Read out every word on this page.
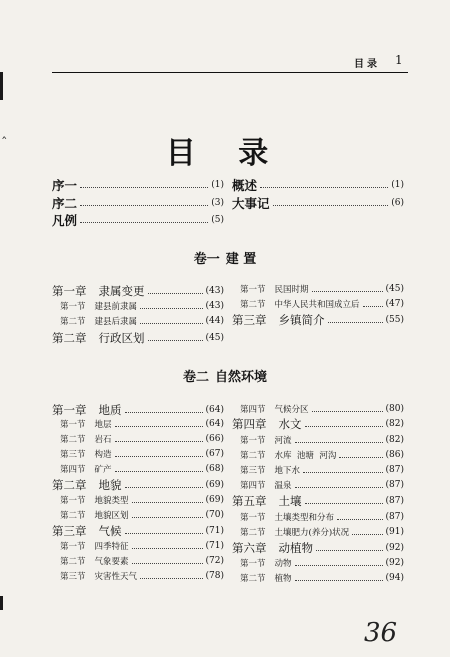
ˆ
目录 1
目 录
序一	(1)
序二	(3)
凡例	(5)
概述	(1)
大事记	(6)
卷一 建 置
第一章 隶属变更	(43)
第一节 建县前隶属	(43)
第二节 建县后隶属	(44)
第二章 行政区划	(45)
第一节 民国时期	(45)
第二节 中华人民共和国成立后	(47)
第三章 乡镇简介	(55)
卷二 自然环境
第一章 地质	(64)
第一节 地层	(64)
第二节 岩石	(66)
第三节 构造	(67)
第四节 矿产	(68)
第二章 地貌	(69)
第一节 地貌类型	(69)
第二节 地貌区划	(70)
第三章 气候	(71)
第一节 四季特征	(71)
第二节 气象要素	(72)
第三节 灾害性天气	(78)
第四节 气候分区	(80)
第四章 水文	(82)
第一节 河流	(82)
第二节 水库  池塘  河沟	(86)
第三节 地下水	(87)
第四节 温泉	(87)
第五章 土壤	(87)
第一节 土壤类型和分布	(87)
第二节 土壤肥力(养分)状况	(91)
第六章 动植物	(92)
第一节 动物	(92)
第二节 植物	(94)
36
